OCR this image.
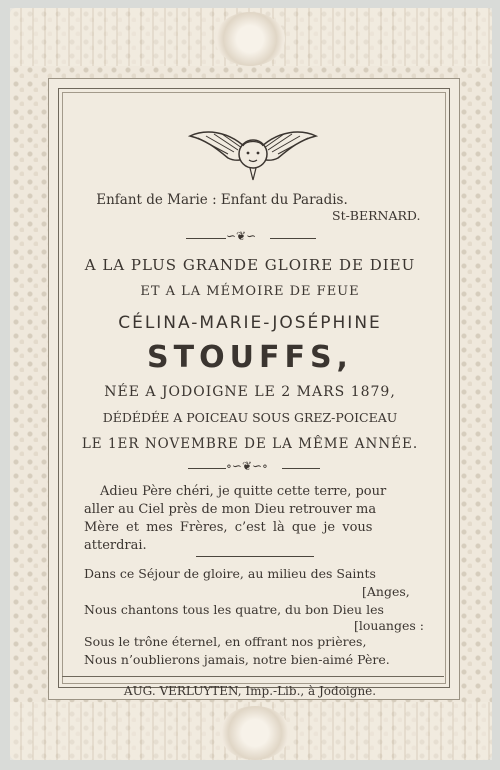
Enfant de Marie : Enfant du Paradis.
St-BERNARD.
∽❦∽
A LA PLUS GRANDE GLOIRE DE DIEU
ET A LA MÉMOIRE DE FEUE
CÉLINA-MARIE-JOSÉPHINE
STOUFFS,
NÉE A JODOIGNE LE 2 MARS 1879,
DÉDÉDÉE A POICEAU SOUS GREZ-POICEAU
LE 1ER NOVEMBRE DE LA MÊME ANNÉE.
∘∽❦∽∘
Adieu Père chéri, je quitte cette terre, pour
aller au Ciel près de mon Dieu retrouver ma
Mère et mes Frères, c’est là que je vous
atterdrai.
Dans ce Séjour de gloire, au milieu des Saints
[Anges,
Nous chantons tous les quatre, du bon Dieu les
[louanges :
Sous le trône éternel, en offrant nos prières,
Nous n’oublierons jamais, notre bien-aimé Père.
AUG. VERLUYTEN, Imp.-Lib., à Jodoigne.
